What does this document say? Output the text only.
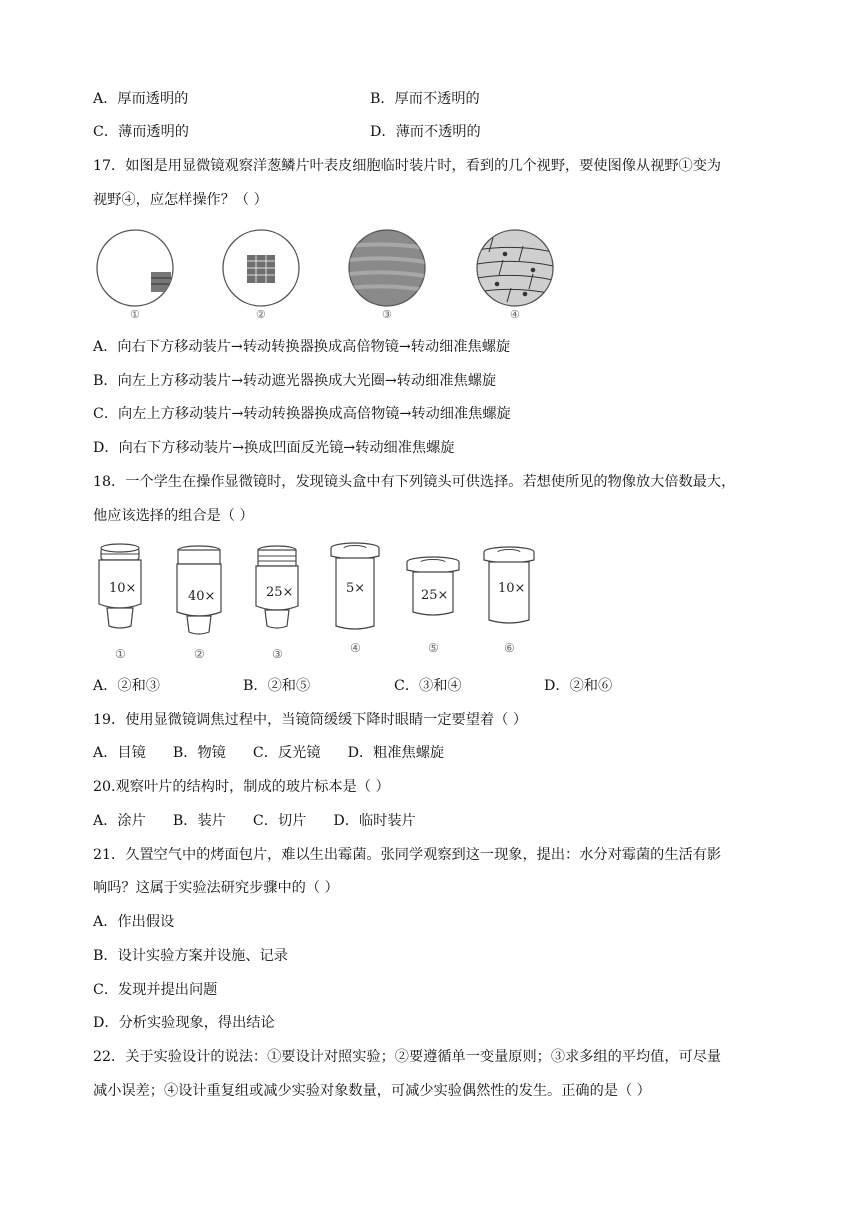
A．厚而透明的	B．厚而不透明的
C．薄而透明的	D．薄而不透明的
17．如图是用显微镜观察洋葱鳞片叶表皮细胞临时装片时，看到的几个视野，要使图像从视野①变为
视野④，应怎样操作？（ ）
①	②	③	④
A．向右下方移动装片→转动转换器换成高倍物镜→转动细准焦螺旋
B．向左上方移动装片→转动遮光器换成大光圈→转动细准焦螺旋
C．向左上方移动装片→转动转换器换成高倍物镜→转动细准焦螺旋
D．向右下方移动装片→换成凹面反光镜→转动细准焦螺旋
18．一个学生在操作显微镜时，发现镜头盒中有下列镜头可供选择。若想使所见的物像放大倍数最大，
他应该选择的组合是（ ）
10×
40×	25×	5×	25×	10×
①	②	③	④	⑤	⑥
A．②和③	B．②和⑤	C．③和④	D．②和⑥
19．使用显微镜调焦过程中，当镜筒缓缓下降时眼睛一定要望着（ ）
A．目镜      B．物镜      C．反光镜      D．粗准焦螺旋
20.观察叶片的结构时，制成的玻片标本是（ ）
A．涂片      B．装片      C．切片      D．临时装片
21．久置空气中的烤面包片，难以生出霉菌。张同学观察到这一现象，提出：水分对霉菌的生活有影
响吗？这属于实验法研究步骤中的（ ）
A．作出假设
B．设计实验方案并设施、记录
C．发现并提出问题
D．分析实验现象，得出结论
22．关于实验设计的说法：①要设计对照实验；②要遵循单一变量原则；③求多组的平均值，可尽量
减小误差；④设计重复组或减少实验对象数量，可减少实验偶然性的发生。正确的是（ ）
